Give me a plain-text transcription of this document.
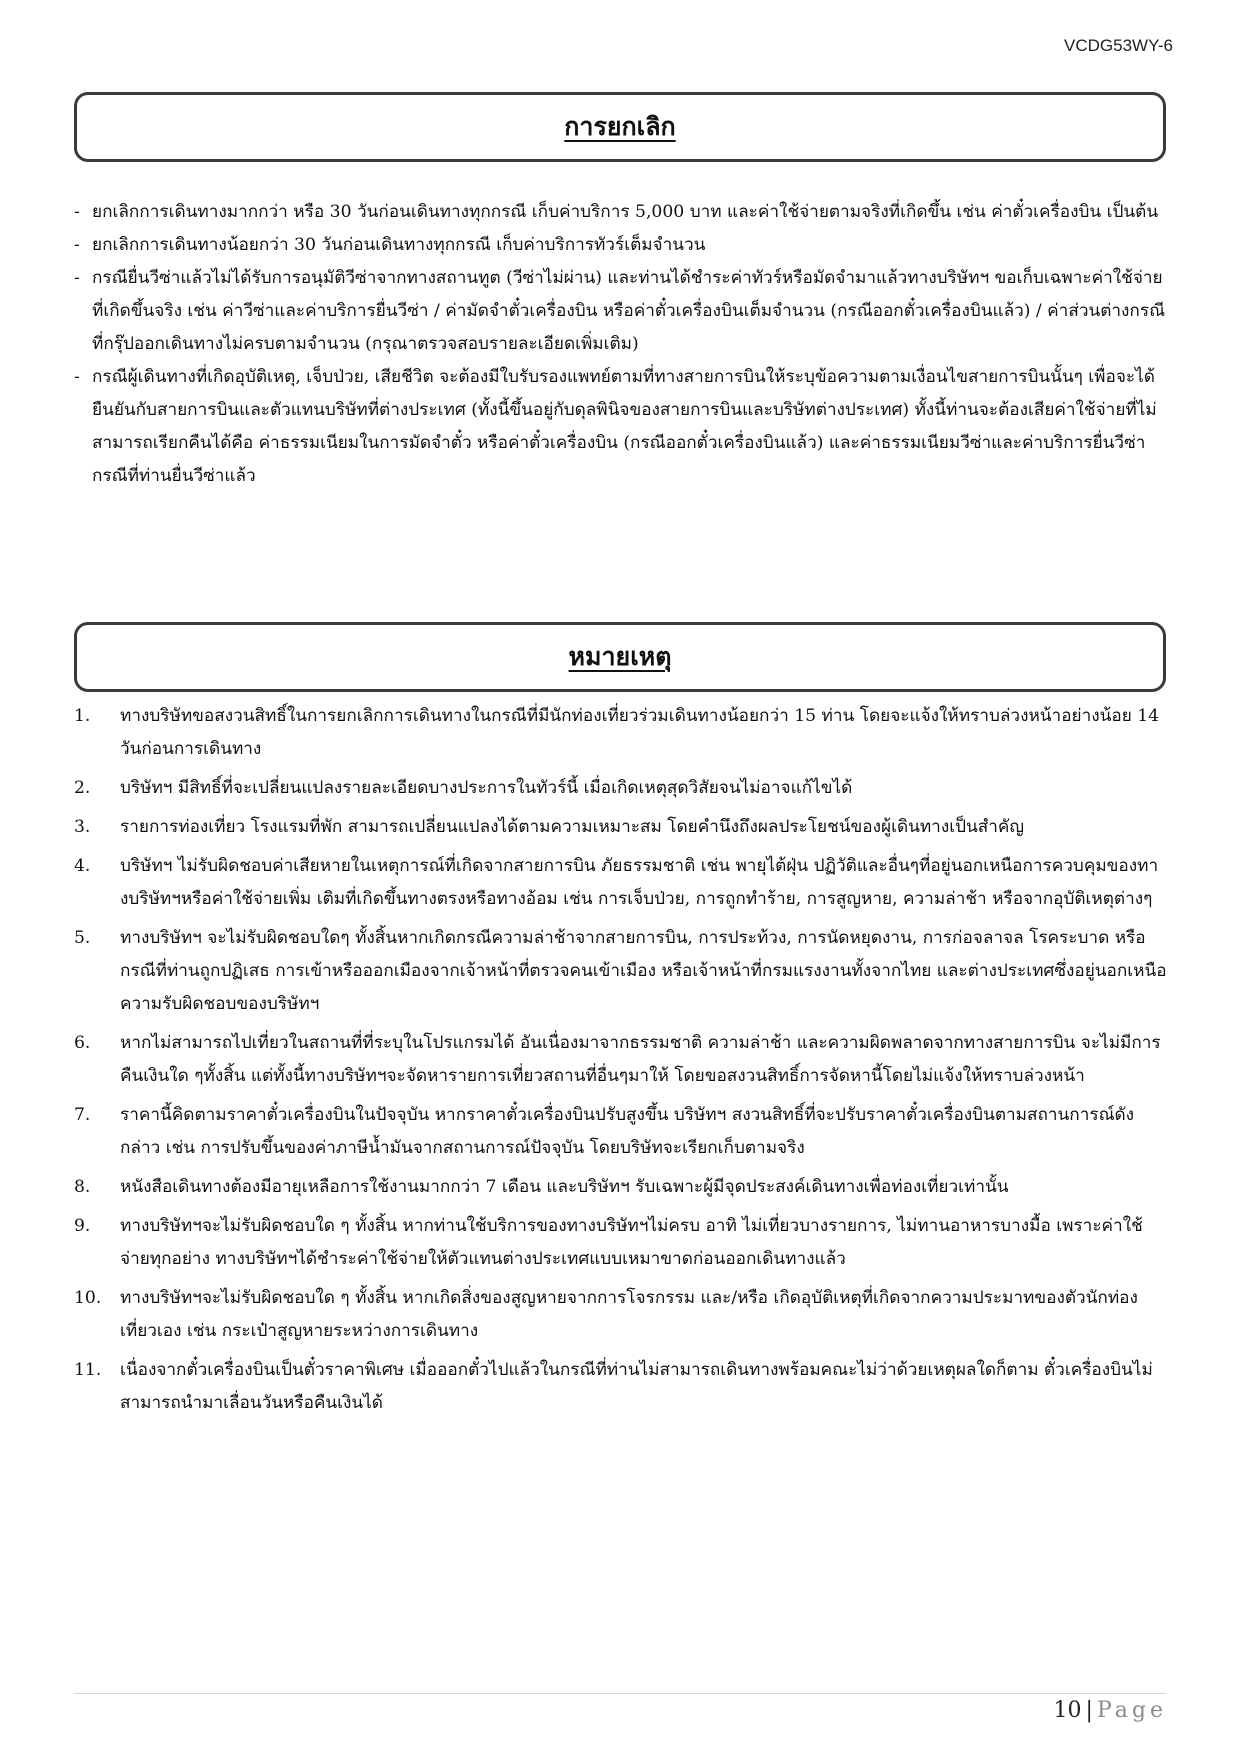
VCDG53WY-6
การยกเลิก
- ยกเลิกการเดินทางมากกว่า หรือ 30 วันก่อนเดินทางทุกกรณี เก็บค่าบริการ 5,000 บาท และค่าใช้จ่ายตามจริงที่เกิดขึ้น เช่น ค่าตั๋วเครื่องบิน เป็นต้น
- ยกเลิกการเดินทางน้อยกว่า 30 วันก่อนเดินทางทุกกรณี เก็บค่าบริการทัวร์เต็มจำนวน
- กรณียื่นวีซ่าแล้วไม่ได้รับการอนุมัติวีซ่าจากทางสถานทูต (วีซ่าไม่ผ่าน) และท่านได้ชำระค่าทัวร์หรือมัดจำมาแล้วทางบริษัทฯ ขอเก็บเฉพาะค่าใช้จ่ายที่เกิดขึ้นจริง เช่น ค่าวีซ่าและค่าบริการยื่นวีซ่า / ค่ามัดจำตั๋วเครื่องบิน หรือค่าตั๋วเครื่องบินเต็มจำนวน (กรณีออกตั๋วเครื่องบินแล้ว) / ค่าส่วนต่างกรณีที่กรุ๊ปออกเดินทางไม่ครบตามจำนวน (กรุณาตรวจสอบรายละเอียดเพิ่มเติม)
- กรณีผู้เดินทางที่เกิดอุบัติเหตุ, เจ็บป่วย, เสียชีวิต จะต้องมีใบรับรองแพทย์ตามที่ทางสายการบินให้ระบุข้อความตามเงื่อนไขสายการบินนั้นๆ เพื่อจะได้ยืนยันกับสายการบินและตัวแทนบริษัทที่ต่างประเทศ (ทั้งนี้ขึ้นอยู่กับดุลพินิจของสายการบินและบริษัทต่างประเทศ) ทั้งนี้ท่านจะต้องเสียค่าใช้จ่ายที่ไม่สามารถเรียกคืนได้คือ ค่าธรรมเนียมในการมัดจำตั๋ว หรือค่าตั๋วเครื่องบิน (กรณีออกตั๋วเครื่องบินแล้ว) และค่าธรรมเนียมวีซ่าและค่าบริการยื่นวีซ่ากรณีที่ท่านยื่นวีซ่าแล้ว
หมายเหตุ
1.	ทางบริษัทขอสงวนสิทธิ์ในการยกเลิกการเดินทางในกรณีที่มีนักท่องเที่ยวร่วมเดินทางน้อยกว่า 15 ท่าน โดยจะแจ้งให้ทราบล่วงหน้าอย่างน้อย 14 วันก่อนการเดินทาง
2.	บริษัทฯ มีสิทธิ์ที่จะเปลี่ยนแปลงรายละเอียดบางประการในทัวร์นี้ เมื่อเกิดเหตุสุดวิสัยจนไม่อาจแก้ไขได้
3.	รายการท่องเที่ยว โรงแรมที่พัก สามารถเปลี่ยนแปลงได้ตามความเหมาะสม โดยคำนึงถึงผลประโยชน์ของผู้เดินทางเป็นสำคัญ
4.	บริษัทฯ ไม่รับผิดชอบค่าเสียหายในเหตุการณ์ที่เกิดจากสายการบิน ภัยธรรมชาติ เช่น พายุไต้ฝุ่น ปฏิวัติและอื่นๆที่อยู่นอกเหนือการควบคุมของทางบริษัทฯหรือค่าใช้จ่ายเพิ่ม เติมที่เกิดขึ้นทางตรงหรือทางอ้อม เช่น การเจ็บป่วย, การถูกทำร้าย, การสูญหาย, ความล่าช้า หรือจากอุบัติเหตุต่างๆ
5.	ทางบริษัทฯ จะไม่รับผิดชอบใดๆ ทั้งสิ้นหากเกิดกรณีความล่าช้าจากสายการบิน, การประท้วง, การนัดหยุดงาน, การก่อจลาจล โรคระบาด หรือกรณีที่ท่านถูกปฏิเสธ การเข้าหรือออกเมืองจากเจ้าหน้าที่ตรวจคนเข้าเมือง หรือเจ้าหน้าที่กรมแรงงานทั้งจากไทย และต่างประเทศซึ่งอยู่นอกเหนือความรับผิดชอบของบริษัทฯ
6.	หากไม่สามารถไปเที่ยวในสถานที่ที่ระบุในโปรแกรมได้ อันเนื่องมาจากธรรมชาติ ความล่าช้า และความผิดพลาดจากทางสายการบิน จะไม่มีการคืนเงินใด ๆทั้งสิ้น แต่ทั้งนี้ทางบริษัทฯจะจัดหารายการเที่ยวสถานที่อื่นๆมาให้ โดยขอสงวนสิทธิ์การจัดหานี้โดยไม่แจ้งให้ทราบล่วงหน้า
7.	ราคานี้คิดตามราคาตั๋วเครื่องบินในปัจจุบัน หากราคาตั๋วเครื่องบินปรับสูงขึ้น บริษัทฯ สงวนสิทธิ์ที่จะปรับราคาตั๋วเครื่องบินตามสถานการณ์ดังกล่าว เช่น การปรับขึ้นของค่าภาษีน้ำมันจากสถานการณ์ปัจจุบัน โดยบริษัทจะเรียกเก็บตามจริง
8.	หนังสือเดินทางต้องมีอายุเหลือการใช้งานมากกว่า 7 เดือน และบริษัทฯ รับเฉพาะผู้มีจุดประสงค์เดินทางเพื่อท่องเที่ยวเท่านั้น
9.	ทางบริษัทฯจะไม่รับผิดชอบใด ๆ ทั้งสิ้น หากท่านใช้บริการของทางบริษัทฯไม่ครบ อาทิ ไม่เที่ยวบางรายการ, ไม่ทานอาหารบางมื้อ เพราะค่าใช้จ่ายทุกอย่าง ทางบริษัทฯได้ชำระค่าใช้จ่ายให้ตัวแทนต่างประเทศแบบเหมาขาดก่อนออกเดินทางแล้ว
10.	ทางบริษัทฯจะไม่รับผิดชอบใด ๆ ทั้งสิ้น หากเกิดสิ่งของสูญหายจากการโจรกรรม และ/หรือ เกิดอุบัติเหตุที่เกิดจากความประมาทของตัวนักท่องเที่ยวเอง เช่น กระเป๋าสูญหายระหว่างการเดินทาง
11.	เนื่องจากตั๋วเครื่องบินเป็นตั๋วราคาพิเศษ เมื่อออกตั๋วไปแล้วในกรณีที่ท่านไม่สามารถเดินทางพร้อมคณะไม่ว่าด้วยเหตุผลใดก็ตาม ตั๋วเครื่องบินไม่สามารถนำมาเลื่อนวันหรือคืนเงินได้
10 | Page
